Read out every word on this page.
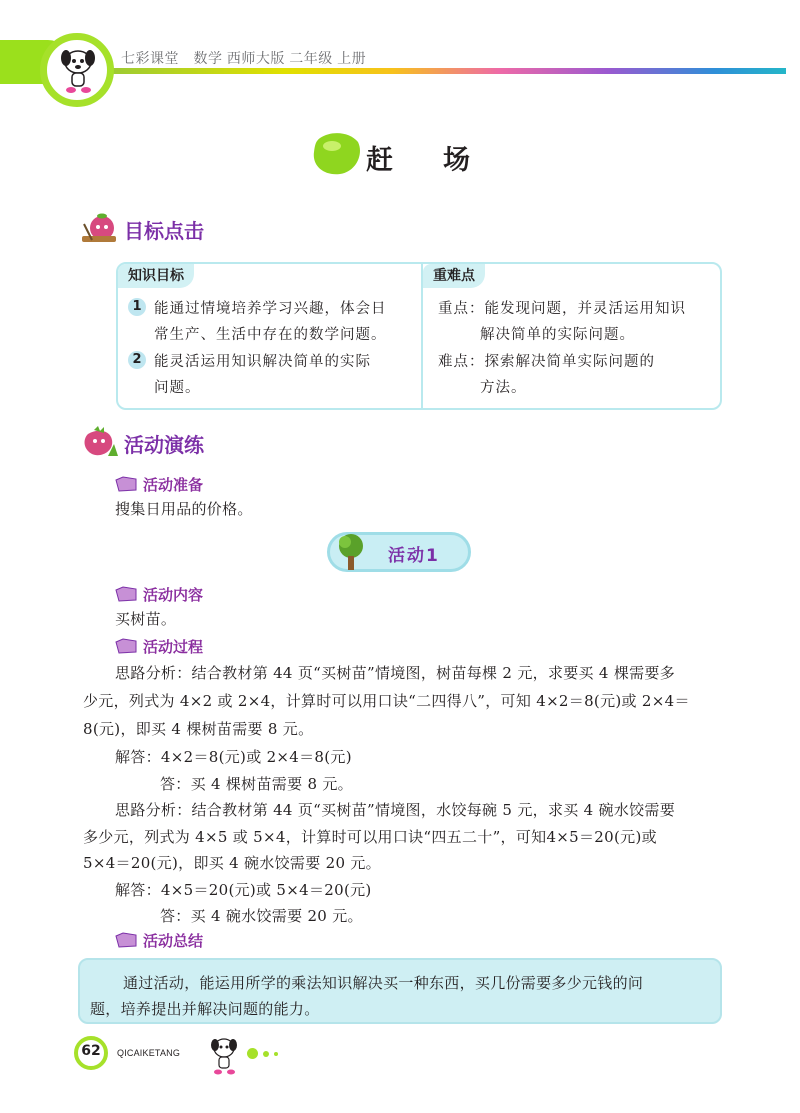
七彩课堂　数学 西师大版 二年级 上册
赶场
目标点击
知识目标	重难点
1 能通过情境培养学习兴趣，体会日
常生产、生活中存在的数学问题。
2 能灵活运用知识解决简单的实际
问题。
重点：能发现问题，并灵活运用知识
解决简单的实际问题。
难点：探索解决简单实际问题的
方法。
活动演练
活动准备
搜集日用品的价格。
活动1
活动内容
买树苗。
活动过程
思路分析：结合教材第 44 页“买树苗”情境图，树苗每棵 2 元，求要买 4 棵需要多
少元，列式为 4×2 或 2×4，计算时可以用口诀“二四得八”，可知 4×2＝8(元)或 2×4＝
8(元)，即买 4 棵树苗需要 8 元。
解答：4×2＝8(元)或 2×4＝8(元)
答：买 4 棵树苗需要 8 元。
思路分析：结合教材第 44 页“买树苗”情境图，水饺每碗 5 元，求买 4 碗水饺需要
多少元，列式为 4×5 或 5×4，计算时可以用口诀“四五二十”，可知4×5＝20(元)或
5×4＝20(元)，即买 4 碗水饺需要 20 元。
解答：4×5＝20(元)或 5×4＝20(元)
答：买 4 碗水饺需要 20 元。
活动总结
通过活动，能运用所学的乘法知识解决买一种东西，买几份需要多少元钱的问
题，培养提出并解决问题的能力。
62	QICAIKETANG
